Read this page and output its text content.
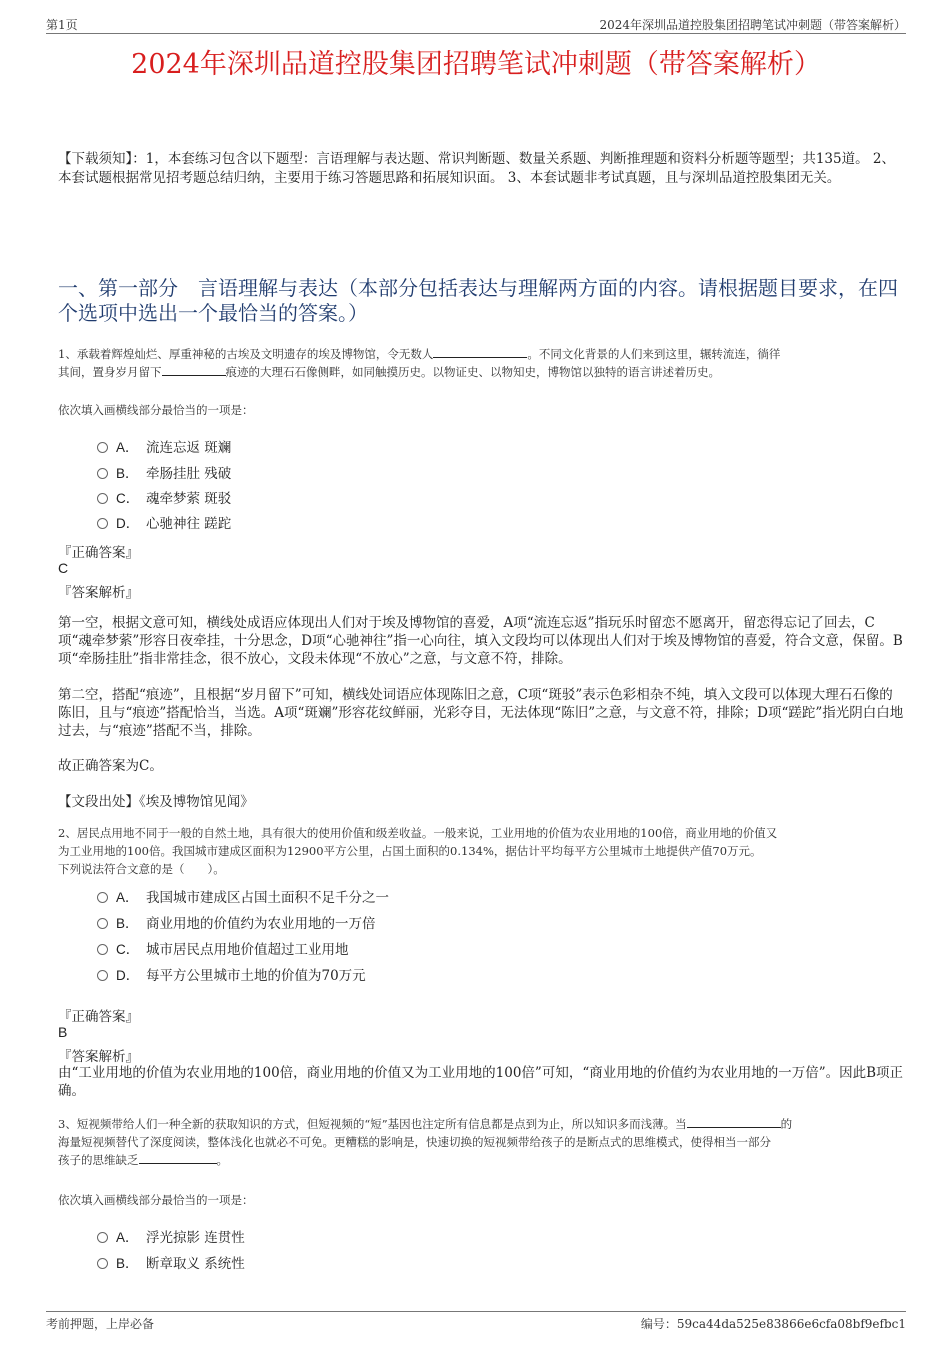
第1页	2024年深圳品道控股集团招聘笔试冲刺题（带答案解析）
2024年深圳品道控股集团招聘笔试冲刺题（带答案解析）
【下载须知】：1，本套练习包含以下题型：言语理解与表达题、常识判断题、数量关系题、判断推理题和资料分析题等题型；共135道。 2、本套试题根据常见招考题总结归纳，主要用于练习答题思路和拓展知识面。 3、本套试题非考试真题，且与深圳品道控股集团无关。
一、第一部分　言语理解与表达（本部分包括表达与理解两方面的内容。请根据题目要求，在四个选项中选出一个最恰当的答案。）
1、承载着辉煌灿烂、厚重神秘的古埃及文明遗存的埃及博物馆，令无数人	。不同文化背景的人们来到这里，辗转流连，徜徉
其间，置身岁月留下	痕迹的大理石石像侧畔，如同触摸历史。以物证史、以物知史，博物馆以独特的语言讲述着历史。
依次填入画横线部分最恰当的一项是：
A． 流连忘返 斑斓
B． 牵肠挂肚 残破
C． 魂牵梦萦 斑驳
D． 心驰神往 蹉跎
『正确答案』
C
『答案解析』
第一空，根据文意可知，横线处成语应体现出人们对于埃及博物馆的喜爱，A项“流连忘返”指玩乐时留恋不愿离开，留恋得忘记了回去，C项“魂牵梦萦”形容日夜牵挂，十分思念，D项“心驰神往”指一心向往，填入文段均可以体现出人们对于埃及博物馆的喜爱，符合文意，保留。B项“牵肠挂肚”指非常挂念，很不放心，文段未体现“不放心”之意，与文意不符，排除。
第二空，搭配“痕迹”，且根据“岁月留下”可知，横线处词语应体现陈旧之意，C项“斑驳”表示色彩相杂不纯，填入文段可以体现大理石石像的陈旧，且与“痕迹”搭配恰当，当选。A项“斑斓”形容花纹鲜丽，光彩夺目，无法体现“陈旧”之意，与文意不符，排除；D项“蹉跎”指光阴白白地过去，与“痕迹”搭配不当，排除。
故正确答案为C。
【文段出处】《埃及博物馆见闻》
2、居民点用地不同于一般的自然土地，具有很大的使用价值和级差收益。一般来说，工业用地的价值为农业用地的100倍，商业用地的价值又
为工业用地的100倍。我国城市建成区面积为12900平方公里，占国土面积的0.134%，据估计平均每平方公里城市土地提供产值70万元。
下列说法符合文意的是（　　）。
A． 我国城市建成区占国土面积不足千分之一
B． 商业用地的价值约为农业用地的一万倍
C． 城市居民点用地价值超过工业用地
D． 每平方公里城市土地的价值为70万元
『正确答案』
B
『答案解析』
由“工业用地的价值为农业用地的100倍，商业用地的价值又为工业用地的100倍”可知，“商业用地的价值约为农业用地的一万倍”。因此B项正确。
3、短视频带给人们一种全新的获取知识的方式，但短视频的“短”基因也注定所有信息都是点到为止，所以知识多而浅薄。当	的
海量短视频替代了深度阅读，整体浅化也就必不可免。更糟糕的影响是，快速切换的短视频带给孩子的是断点式的思维模式，使得相当一部分
孩子的思维缺乏	。
依次填入画横线部分最恰当的一项是：
A． 浮光掠影 连贯性
B． 断章取义 系统性
考前押题，上岸必备	编号：59ca44da525e83866e6cfa08bf9efbc1
